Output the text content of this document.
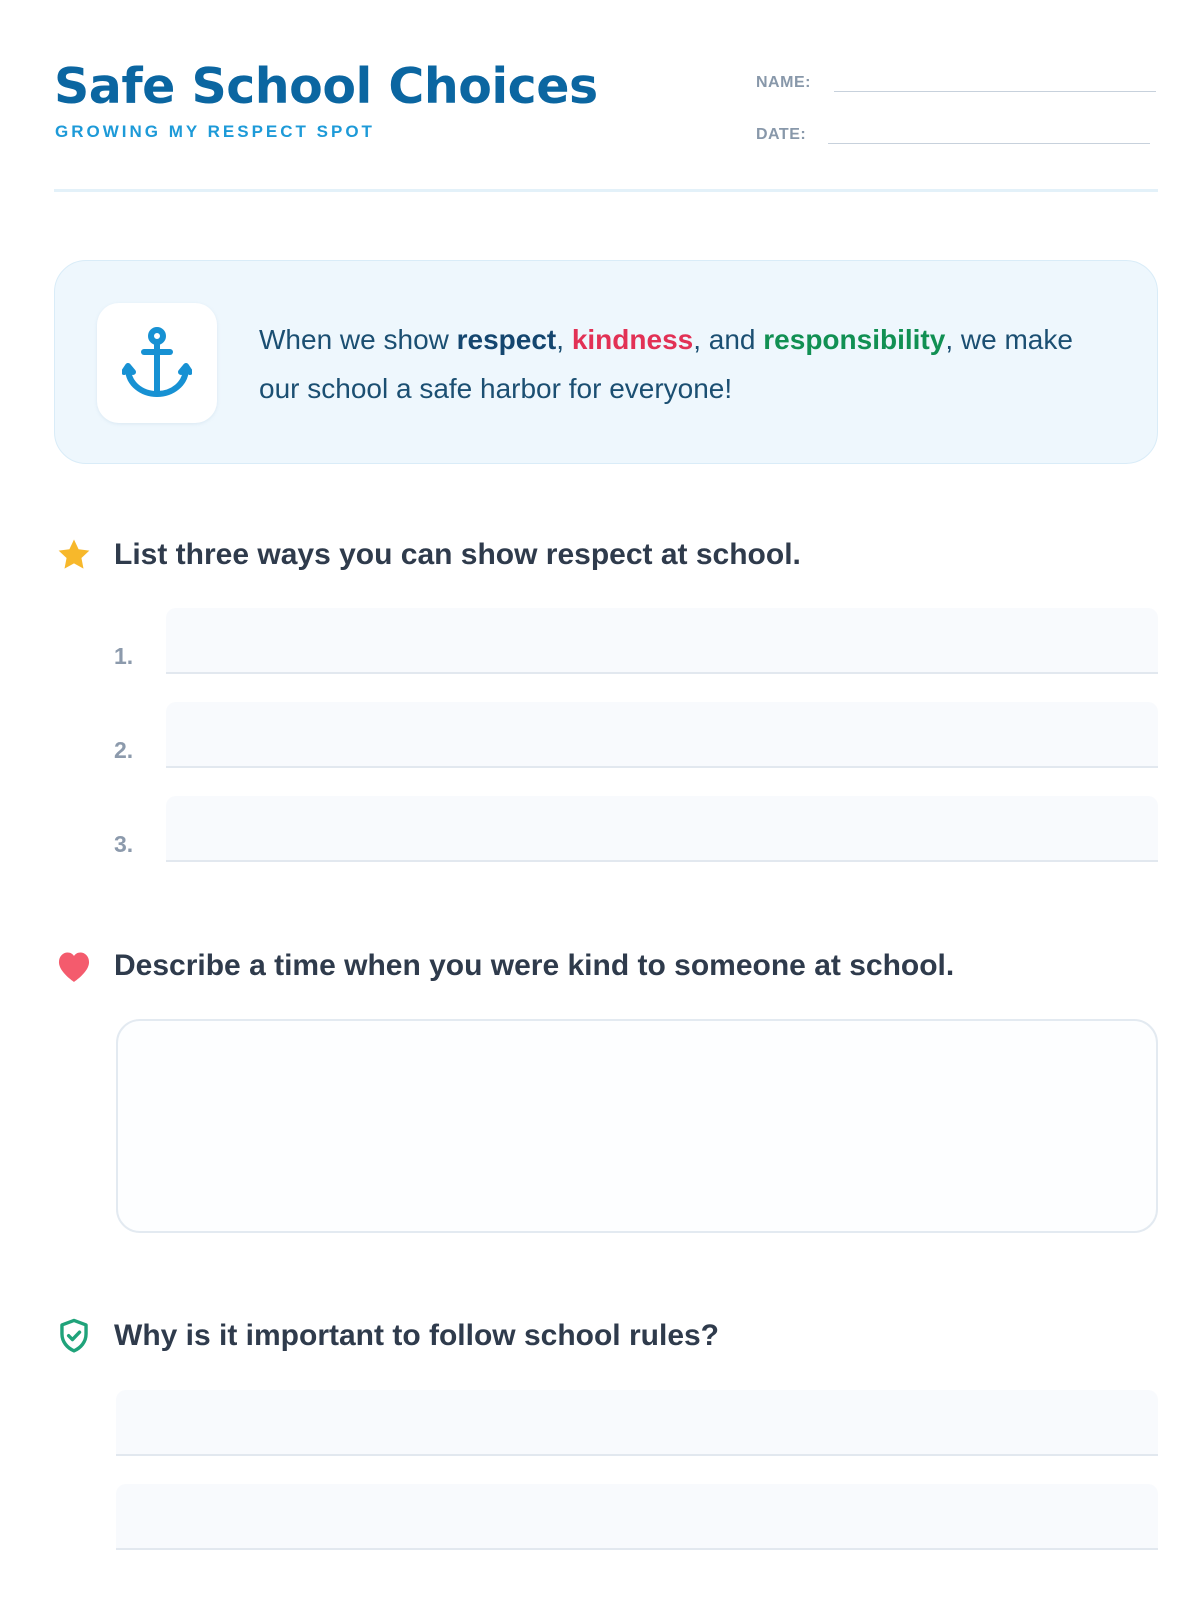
Safe School Choices
GROWING MY RESPECT SPOT
NAME:
DATE:
When we show respect, kindness, and responsibility, we make our school a safe harbor for everyone!
List three ways you can show respect at school.
1.
2.
3.
Describe a time when you were kind to someone at school.
Why is it important to follow school rules?
